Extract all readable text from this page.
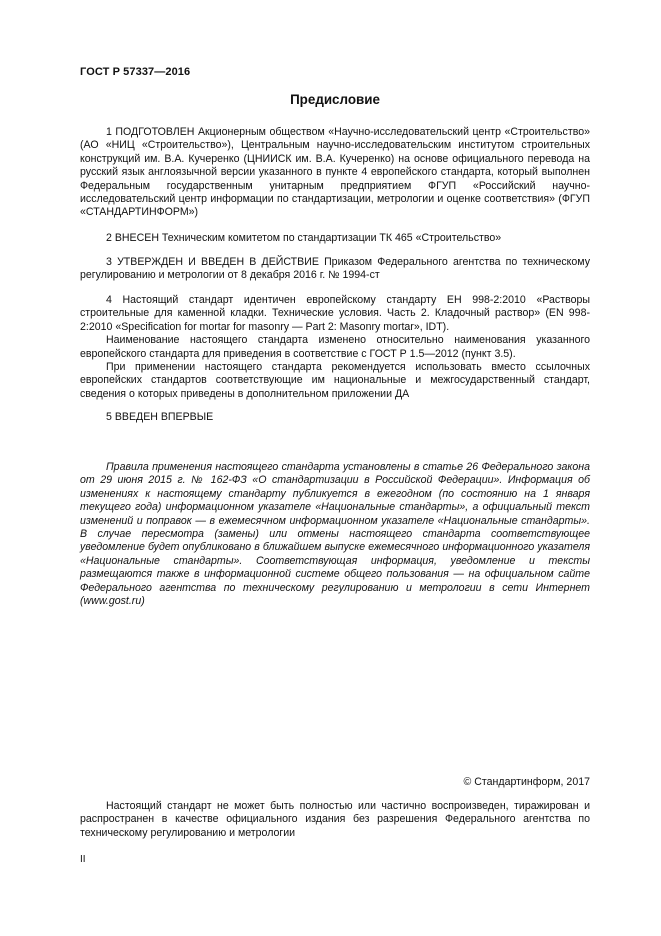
ГОСТ Р 57337—2016
Предисловие

1 ПОДГОТОВЛЕН Акционерным обществом «Научно-исследовательский центр «Строительство» (АО «НИЦ «Строительство»), Центральным научно-исследовательским институтом строительных конструкций им. В.А. Кучеренко (ЦНИИСК им. В.А. Кучеренко) на основе официального перевода на русский язык англоязычной версии указанного в пункте 4 европейского стандарта, который выполнен Федеральным государственным унитарным предприятием ФГУП «Российский научно-исследовательский центр информации по стандартизации, метрологии и оценке соответствия» (ФГУП «СТАНДАРТИНФОРМ»)

2 ВНЕСЕН Техническим комитетом по стандартизации ТК 465 «Строительство»

3 УТВЕРЖДЕН И ВВЕДЕН В ДЕЙСТВИЕ Приказом Федерального агентства по техническому регулированию и метрологии от 8 декабря 2016 г. № 1994-ст

4 Настоящий стандарт идентичен европейскому стандарту ЕН 998-2:2010 «Растворы строительные для каменной кладки. Технические условия. Часть 2. Кладочный раствор» (EN 998-2:2010 «Specification for mortar for masonry — Part 2: Masonry mortar», IDT).

Наименование настоящего стандарта изменено относительно наименования указанного европейского стандарта для приведения в соответствие с ГОСТ Р 1.5—2012 (пункт 3.5).

При применении настоящего стандарта рекомендуется использовать вместо ссылочных европейских стандартов соответствующие им национальные и межгосударственный стандарт, сведения о которых приведены в дополнительном приложении ДА

5 ВВЕДЕН ВПЕРВЫЕ

Правила применения настоящего стандарта установлены в статье 26 Федерального закона от 29 июня 2015 г. № 162-ФЗ «О стандартизации в Российской Федерации». Информация об изменениях к настоящему стандарту публикуется в ежегодном (по состоянию на 1 января текущего года) информационном указателе «Национальные стандарты», а официальный текст изменений и поправок — в ежемесячном информационном указателе «Национальные стандарты». В случае пересмотра (замены) или отмены настоящего стандарта соответствующее уведомление будет опубликовано в ближайшем выпуске ежемесячного информационного указателя «Национальные стандарты». Соответствующая информация, уведомление и тексты размещаются также в информационной системе общего пользования — на официальном сайте Федерального агентства по техническому регулированию и метрологии в сети Интернет (www.gost.ru)

© Стандартинформ, 2017

Настоящий стандарт не может быть полностью или частично воспроизведен, тиражирован и распространен в качестве официального издания без разрешения Федерального агентства по техническому регулированию и метрологии

II
